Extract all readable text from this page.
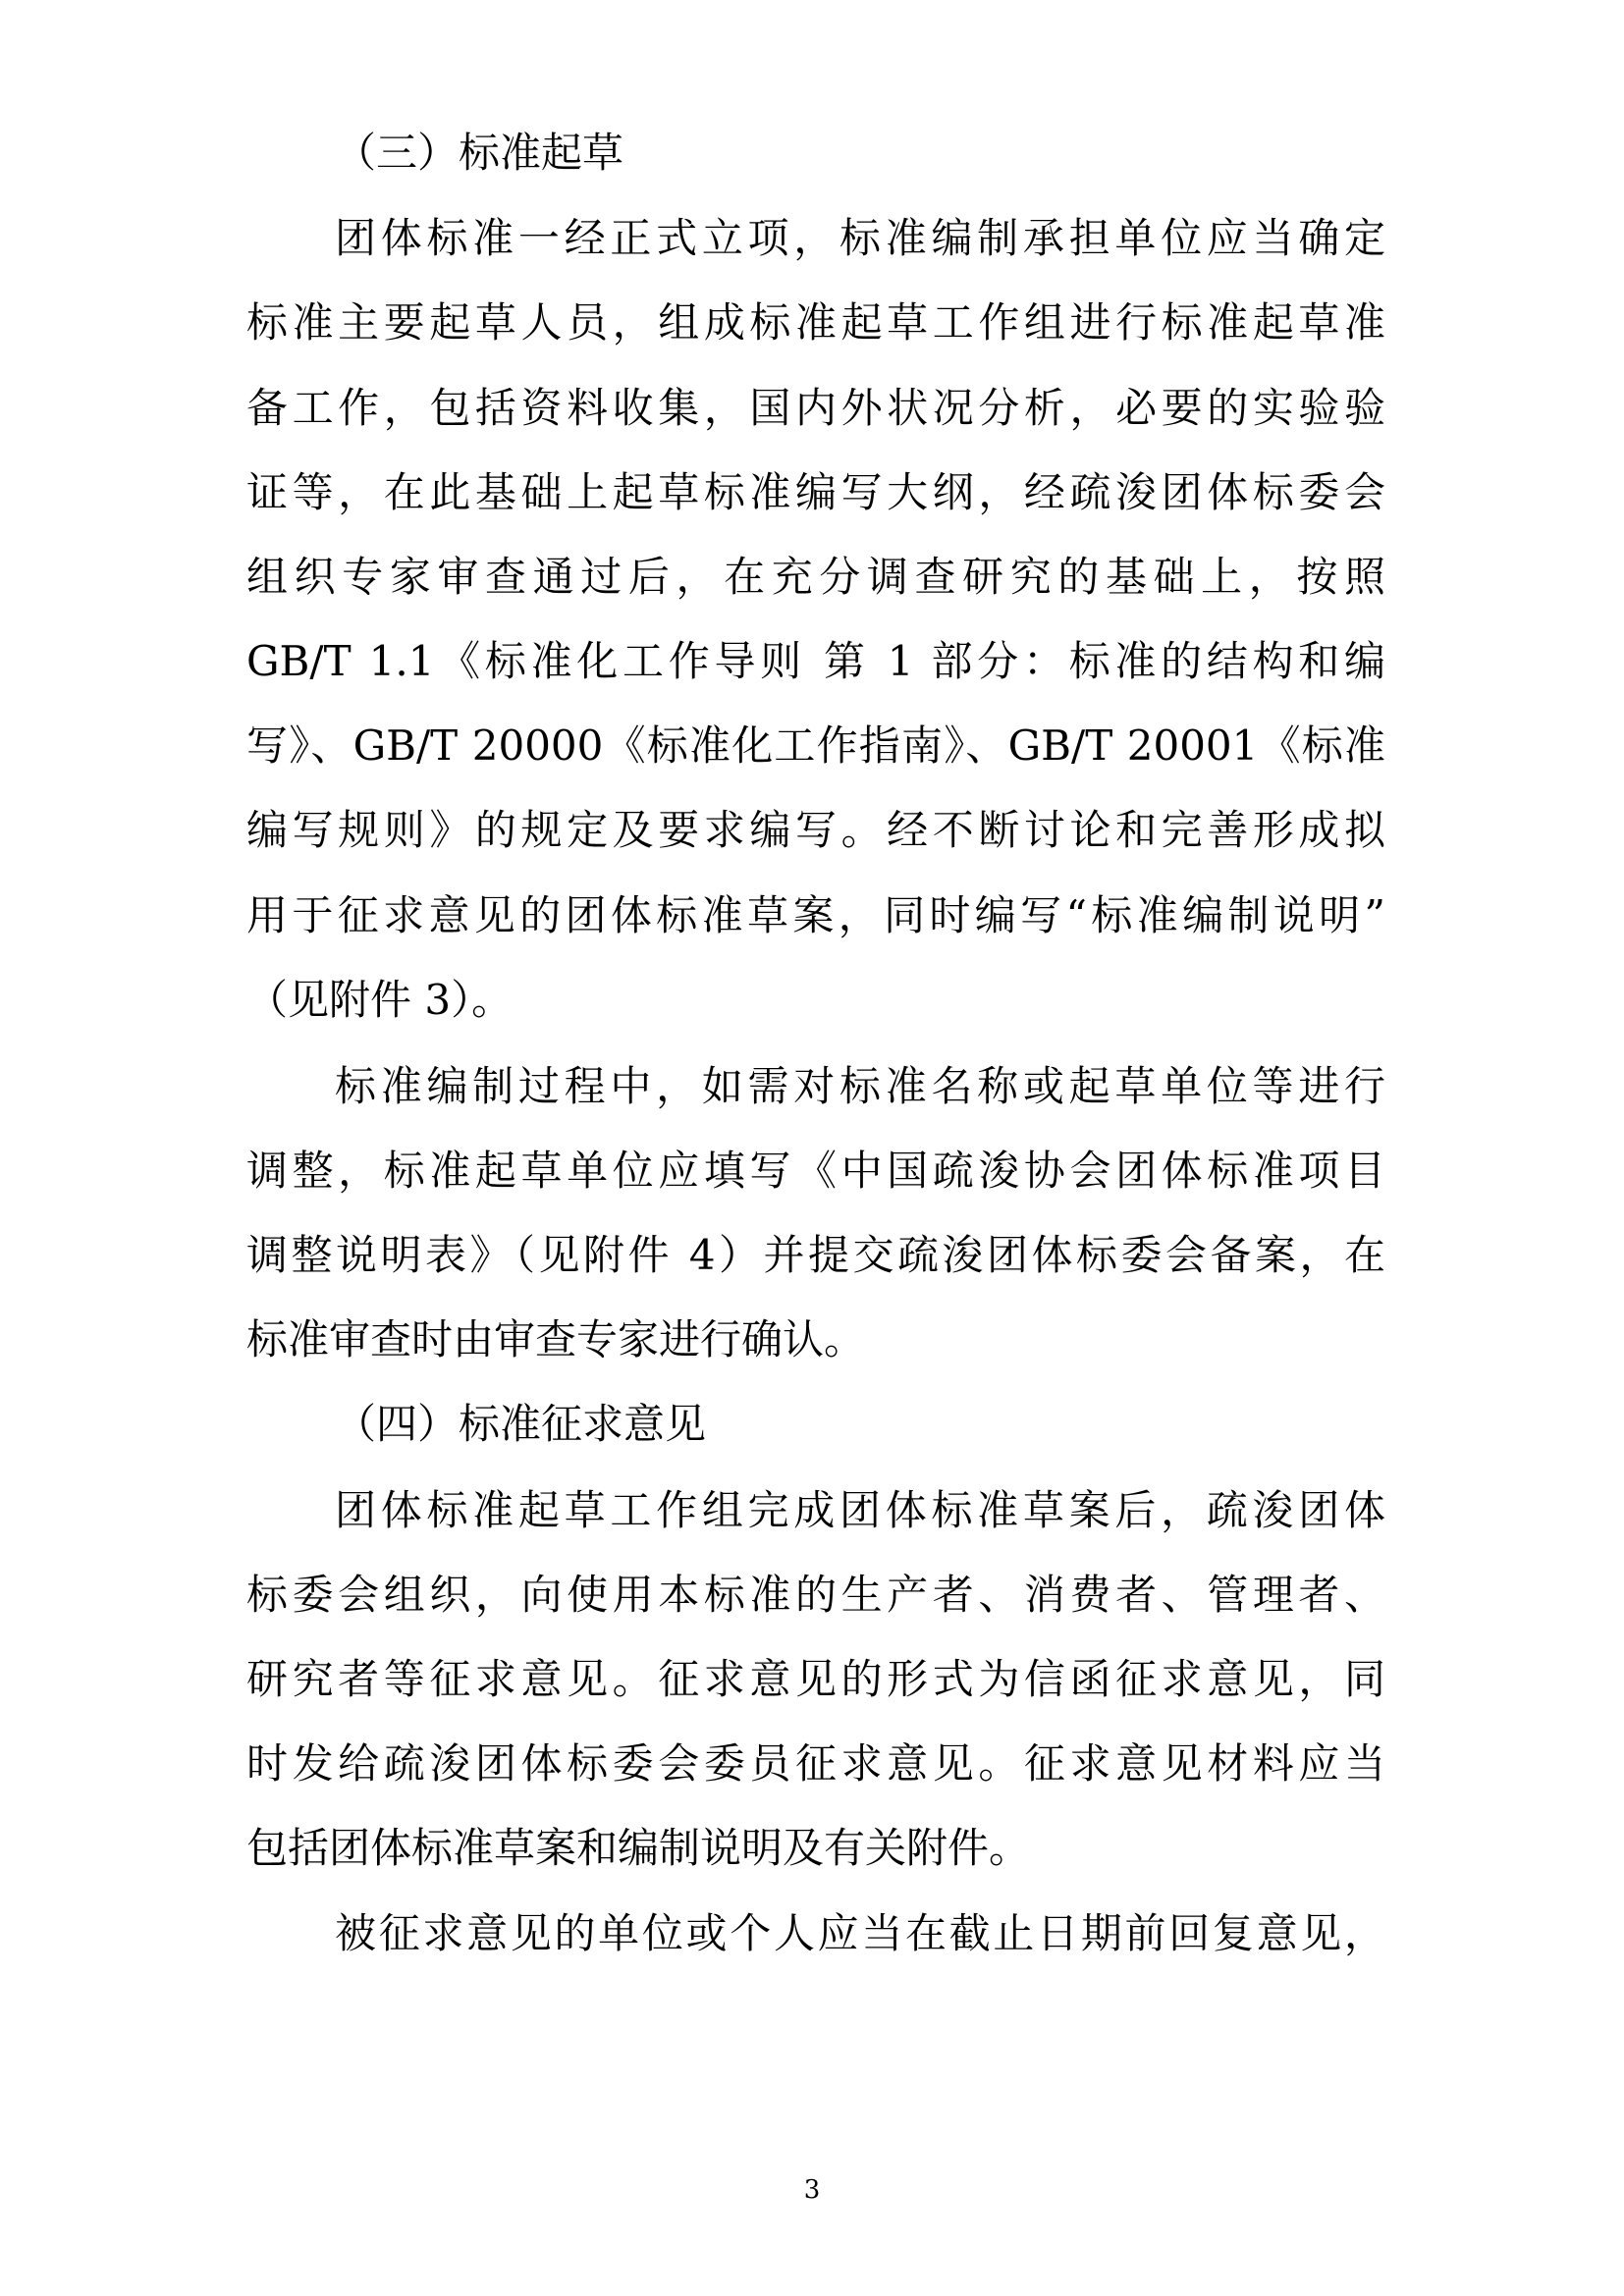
（三）标准起草
团体标准一经正式立项，标准编制承担单位应当确定
标准主要起草人员，组成标准起草工作组进行标准起草准
备工作，包括资料收集，国内外状况分析，必要的实验验
证等，在此基础上起草标准编写大纲，经疏浚团体标委会
组织专家审查通过后，在充分调查研究的基础上，按照
GB/T 1.1《标准化工作导则 第 1 部分：标准的结构和编
写》、GB/T 20000《标准化工作指南》、GB/T 20001《标准
编写规则》的规定及要求编写。经不断讨论和完善形成拟
用于征求意见的团体标准草案，同时编写“标准编制说明”
（见附件 3）。
标准编制过程中，如需对标准名称或起草单位等进行
调整，标准起草单位应填写《中国疏浚协会团体标准项目
调整说明表》（见附件 4）并提交疏浚团体标委会备案，在
标准审查时由审查专家进行确认。
（四）标准征求意见
团体标准起草工作组完成团体标准草案后，疏浚团体
标委会组织，向使用本标准的生产者、消费者、管理者、
研究者等征求意见。征求意见的形式为信函征求意见，同
时发给疏浚团体标委会委员征求意见。征求意见材料应当
包括团体标准草案和编制说明及有关附件。
被征求意见的单位或个人应当在截止日期前回复意见，
3
